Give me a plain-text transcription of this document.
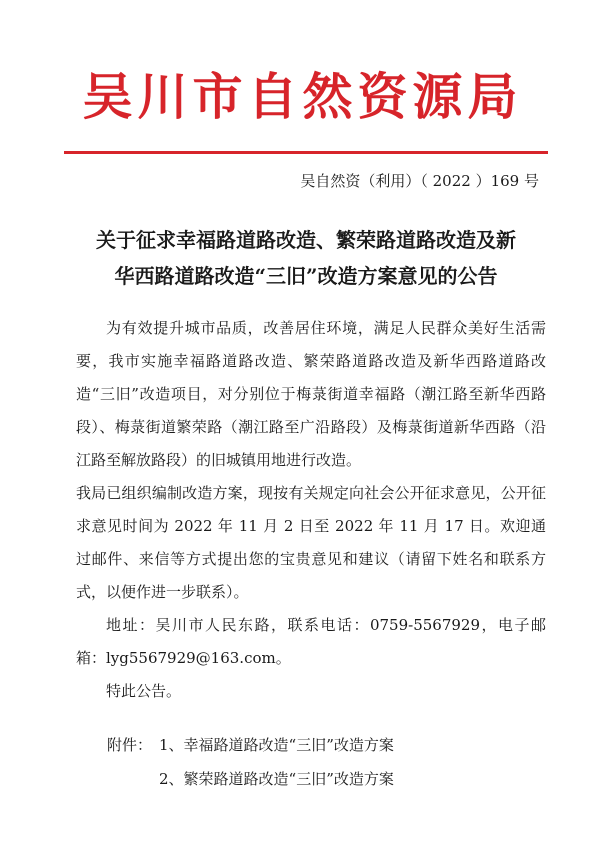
吴川市自然资源局
吴自然资（利用）（ 2022 ）169 号
关于征求幸福路道路改造、繁荣路道路改造及新
华西路道路改造“三旧”改造方案意见的公告

为有效提升城市品质，改善居住环境，满足人民群众美好生活需要，我市实施幸福路道路改造、繁荣路道路改造及新华西路道路改造“三旧”改造项目，对分别位于梅菉街道幸福路（潮江路至新华西路段）、梅菉街道繁荣路（潮江路至广沿路段）及梅菉街道新华西路（沿江路至解放路段）的旧城镇用地进行改造。

我局已组织编制改造方案，现按有关规定向社会公开征求意见，公开征求意见时间为 2022 年 11 月 2 日至 2022 年 11 月 17 日。欢迎通过邮件、来信等方式提出您的宝贵意见和建议（请留下姓名和联系方式，以便作进一步联系）。

地址：吴川市人民东路，联系电话：0759-5567929，电子邮箱：lyg5567929@163.com。

特此公告。

附件： 1、幸福路道路改造“三旧”改造方案
2、繁荣路道路改造“三旧”改造方案
